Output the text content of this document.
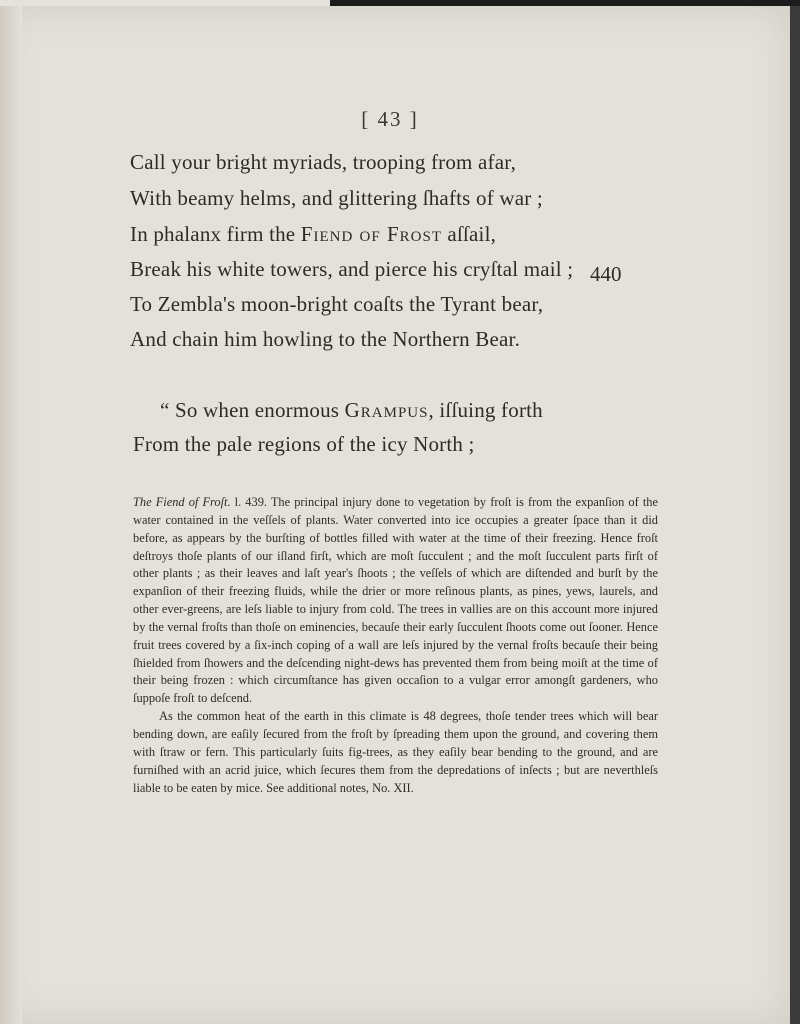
[ 43 ]

Call your bright myriads, trooping from afar,
With beamy helms, and glittering ſhafts of war ;
In phalanx firm the Fiend of Frost aſſail,
Break his white towers, and pierce his cryſtal mail ;
To Zembla's moon-bright coaſts the Tyrant bear,
And chain him howling to the Northern Bear.
“ So when enormous Grampus, iſſuing forth
From the pale regions of the icy North ;
440

The Fiend of Froſt. l. 439. The principal injury done to vegetation by froſt is from the expanſion of the water contained in the veſſels of plants. Water converted into ice occupies a greater ſpace than it did before, as appears by the burſting of bottles filled with water at the time of their freezing. Hence froſt deſtroys thoſe plants of our iſland firſt, which are moſt ſucculent ; and the moſt ſucculent parts firſt of other plants ; as their leaves and laſt year's ſhoots ; the veſſels of which are diſtended and burſt by the expanſion of their freezing fluids, while the drier or more reſinous plants, as pines, yews, laurels, and other ever-greens, are leſs liable to injury from cold. The trees in vallies are on this account more injured by the vernal froſts than thoſe on eminencies, becauſe their early ſucculent ſhoots come out ſooner. Hence fruit trees covered by a ſix-inch coping of a wall are leſs injured by the vernal froſts becauſe their being ſhielded from ſhowers and the deſcending night-dews has prevented them from being moiſt at the time of their being frozen : which circumſtance has given occaſion to a vulgar error amongſt gardeners, who ſuppoſe froſt to deſcend.

As the common heat of the earth in this climate is 48 degrees, thoſe tender trees which will bear bending down, are eaſily ſecured from the froſt by ſpreading them upon the ground, and covering them with ſtraw or fern. This particularly ſuits fig-trees, as they eaſily bear bending to the ground, and are furniſhed with an acrid juice, which ſecures them from the depredations of inſects ; but are neverthleſs liable to be eaten by mice. See additional notes, No. XII.
